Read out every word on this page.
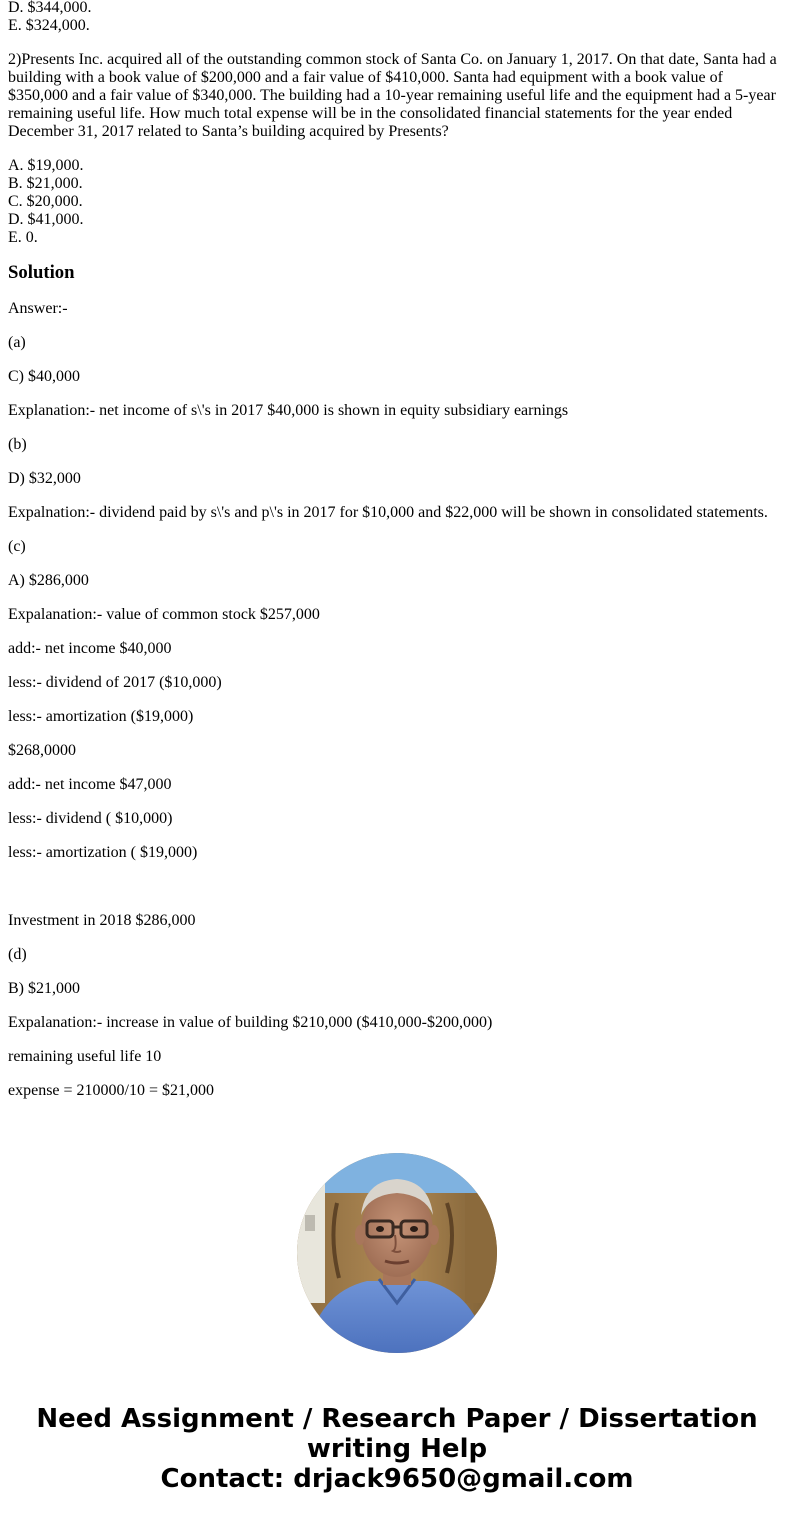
D. $344,000.
E. $324,000.
2)Presents Inc. acquired all of the outstanding common stock of Santa Co. on January 1, 2017. On that date, Santa had a building with a book value of $200,000 and a fair value of $410,000. Santa had equipment with a book value of $350,000 and a fair value of $340,000. The building had a 10-year remaining useful life and the equipment had a 5-year remaining useful life. How much total expense will be in the consolidated financial statements for the year ended December 31, 2017 related to Santa’s building acquired by Presents?
A. $19,000.
B. $21,000.
C. $20,000.
D. $41,000.
E. 0.
Solution

Answer:-

(a)

C) $40,000

Explanation:- net income of s\'s in 2017 $40,000 is shown in equity subsidiary earnings

(b)

D) $32,000

Expalnation:- dividend paid by s\'s and p\'s in 2017 for $10,000 and $22,000 will be shown in consolidated statements.

(c)

A) $286,000

Expalanation:- value of common stock $257,000

add:- net income $40,000

less:- dividend of 2017 ($10,000)

less:- amortization ($19,000)

$268,0000

add:- net income $47,000

less:- dividend ( $10,000)

less:- amortization ( $19,000)

Investment in 2018 $286,000

(d)

B) $21,000

Expalanation:- increase in value of building $210,000 ($410,000-$200,000)

remaining useful life 10

expense = 210000/10 = $21,000

Need Assignment / Research Paper / Dissertation
writing Help
Contact: drjack9650@gmail.com
